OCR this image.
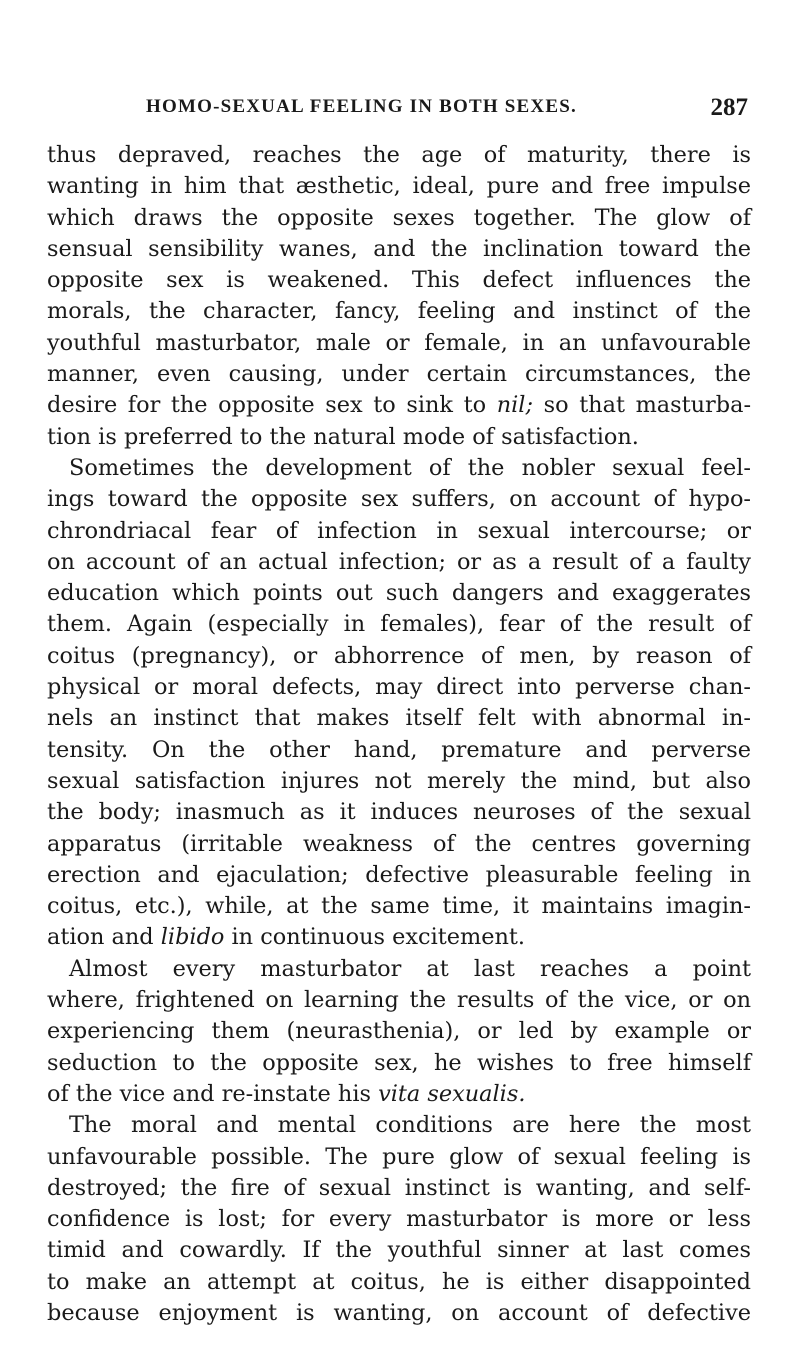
HOMO-SEXUAL FEELING IN BOTH SEXES.	287
thus depraved, reaches the age of maturity, there is
wanting in him that æsthetic, ideal, pure and free impulse
which draws the opposite sexes together. The glow of
sensual sensibility wanes, and the inclination toward the
opposite sex is weakened. This defect influences the
morals, the character, fancy, feeling and instinct of the
youthful masturbator, male or female, in an unfavourable
manner, even causing, under certain circumstances, the
desire for the opposite sex to sink to nil; so that masturba-
tion is preferred to the natural mode of satisfaction.
Sometimes the development of the nobler sexual feel-
ings toward the opposite sex suffers, on account of hypo-
chrondriacal fear of infection in sexual intercourse; or
on account of an actual infection; or as a result of a faulty
education which points out such dangers and exaggerates
them. Again (especially in females), fear of the result of
coitus (pregnancy), or abhorrence of men, by reason of
physical or moral defects, may direct into perverse chan-
nels an instinct that makes itself felt with abnormal in-
tensity. On the other hand, premature and perverse
sexual satisfaction injures not merely the mind, but also
the body; inasmuch as it induces neuroses of the sexual
apparatus (irritable weakness of the centres governing
erection and ejaculation; defective pleasurable feeling in
coitus, etc.), while, at the same time, it maintains imagin-
ation and libido in continuous excitement.
Almost every masturbator at last reaches a point
where, frightened on learning the results of the vice, or on
experiencing them (neurasthenia), or led by example or
seduction to the opposite sex, he wishes to free himself
of the vice and re-instate his vita sexualis.
The moral and mental conditions are here the most
unfavourable possible. The pure glow of sexual feeling is
destroyed; the fire of sexual instinct is wanting, and self-
confidence is lost; for every masturbator is more or less
timid and cowardly. If the youthful sinner at last comes
to make an attempt at coitus, he is either disappointed
because enjoyment is wanting, on account of defective
